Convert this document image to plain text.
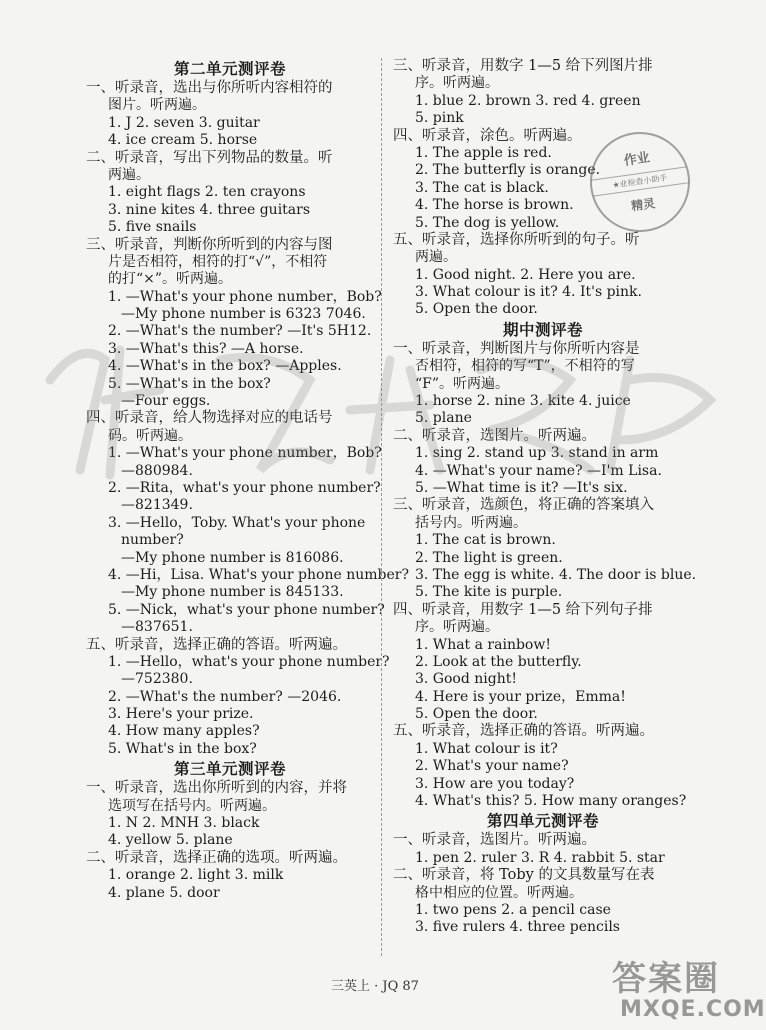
第二单元测评卷
一、听录音，选出与你所听内容相符的
图片。听两遍。
1. J 2. seven 3. guitar
4. ice cream 5. horse
二、听录音，写出下列物品的数量。听
两遍。
1. eight flags 2. ten crayons
3. nine kites 4. three guitars
5. five snails
三、听录音，判断你所听到的内容与图
片是否相符，相符的打“√”，不相符
的打“×”。听两遍。
1. —What's your phone number，Bob?
—My phone number is 6323 7046.
2. —What's the number? —It's 5H12.
3. —What's this? —A horse.
4. —What's in the box? —Apples.
5. —What's in the box?
—Four eggs.
四、听录音，给人物选择对应的电话号
码。听两遍。
1. —What's your phone number，Bob?
—880984.
2. —Rita，what's your phone number?
—821349.
3. —Hello，Toby. What's your phone
number?
—My phone number is 816086.
4. —Hi，Lisa. What's your phone number?
—My phone number is 845133.
5. —Nick，what's your phone number?
—837651.
五、听录音，选择正确的答语。听两遍。
1. —Hello，what's your phone number?
—752380.
2. —What's the number? —2046.
3. Here's your prize.
4. How many apples?
5. What's in the box?
第三单元测评卷
一、听录音，选出你所听到的内容，并将
选项写在括号内。听两遍。
1. N 2. MNH 3. black
4. yellow 5. plane
二、听录音，选择正确的选项。听两遍。
1. orange 2. light 3. milk
4. plane 5. door
三、听录音，用数字 1—5 给下列图片排
序。听两遍。
1. blue 2. brown 3. red 4. green
5. pink
四、听录音，涂色。听两遍。
1. The apple is red.
2. The butterfly is orange.
3. The cat is black.
4. The horse is brown.
5. The dog is yellow.
五、听录音，选择你所听到的句子。听
两遍。
1. Good night. 2. Here you are.
3. What colour is it? 4. It's pink.
5. Open the door.
期中测评卷
一、听录音，判断图片与你所听内容是
否相符，相符的写“T”，不相符的写
“F”。听两遍。
1. horse 2. nine 3. kite 4. juice
5. plane
二、听录音，选图片。听两遍。
1. sing 2. stand up 3. stand in arm
4. —What's your name? —I'm Lisa.
5. —What time is it? —It's six.
三、听录音，选颜色，将正确的答案填入
括号内。听两遍。
1. The cat is brown.
2. The light is green.
3. The egg is white. 4. The door is blue.
5. The kite is purple.
四、听录音，用数字 1—5 给下列句子排
序。听两遍。
1. What a rainbow!
2. Look at the butterfly.
3. Good night!
4. Here is your prize，Emma!
5. Open the door.
五、听录音，选择正确的答语。听两遍。
1. What colour is it?
2. What's your name?
3. How are you today?
4. What's this? 5. How many oranges?
第四单元测评卷
一、听录音，选图片。听两遍。
1. pen 2. ruler 3. R 4. rabbit 5. star
二、听录音，将 Toby 的文具数量写在表
格中相应的位置。听两遍。
1. two pens 2. a pencil case
3. five rulers 4. three pencils
作业
★业检查小助手
精灵
三英上 · JQ 87	答案圈
MXQE.COM
